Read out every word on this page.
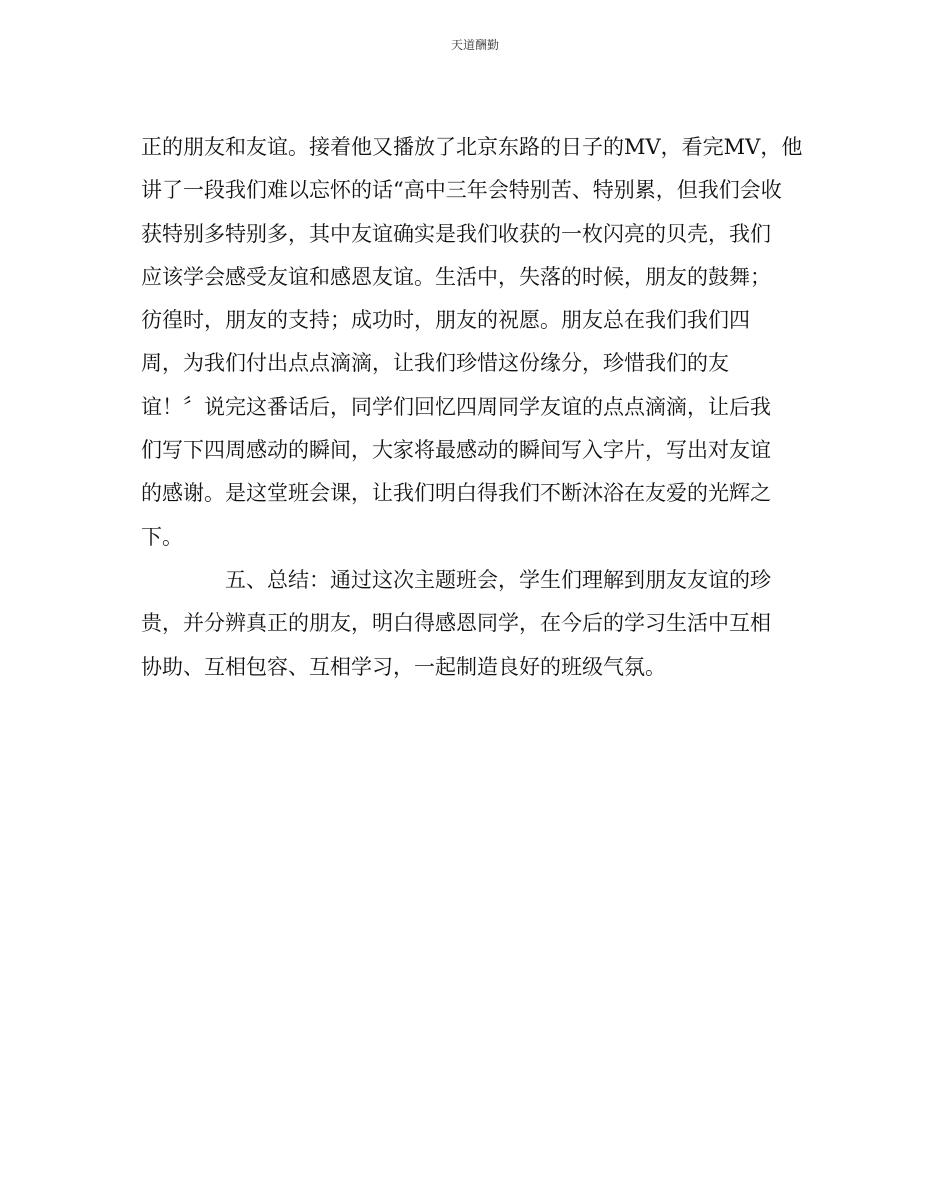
天道酬勤
正的朋友和友谊。接着他又播放了北京东路的日子的MV，看完MV，他
讲了一段我们难以忘怀的话“高中三年会特别苦、特别累，但我们会收
获特别多特别多，其中友谊确实是我们收获的一枚闪亮的贝壳，我们
应该学会感受友谊和感恩友谊。生活中，失落的时候，朋友的鼓舞；
彷徨时，朋友的支持；成功时，朋友的祝愿。朋友总在我们我们四
周，为我们付出点点滴滴，让我们珍惜这份缘分，珍惜我们的友
谊！〞说完这番话后，同学们回忆四周同学友谊的点点滴滴，让后我
们写下四周感动的瞬间，大家将最感动的瞬间写入字片，写出对友谊
的感谢。是这堂班会课，让我们明白得我们不断沐浴在友爱的光辉之
下。
五、总结：通过这次主题班会，学生们理解到朋友友谊的珍
贵，并分辨真正的朋友，明白得感恩同学，在今后的学习生活中互相
协助、互相包容、互相学习，一起制造良好的班级气氛。
